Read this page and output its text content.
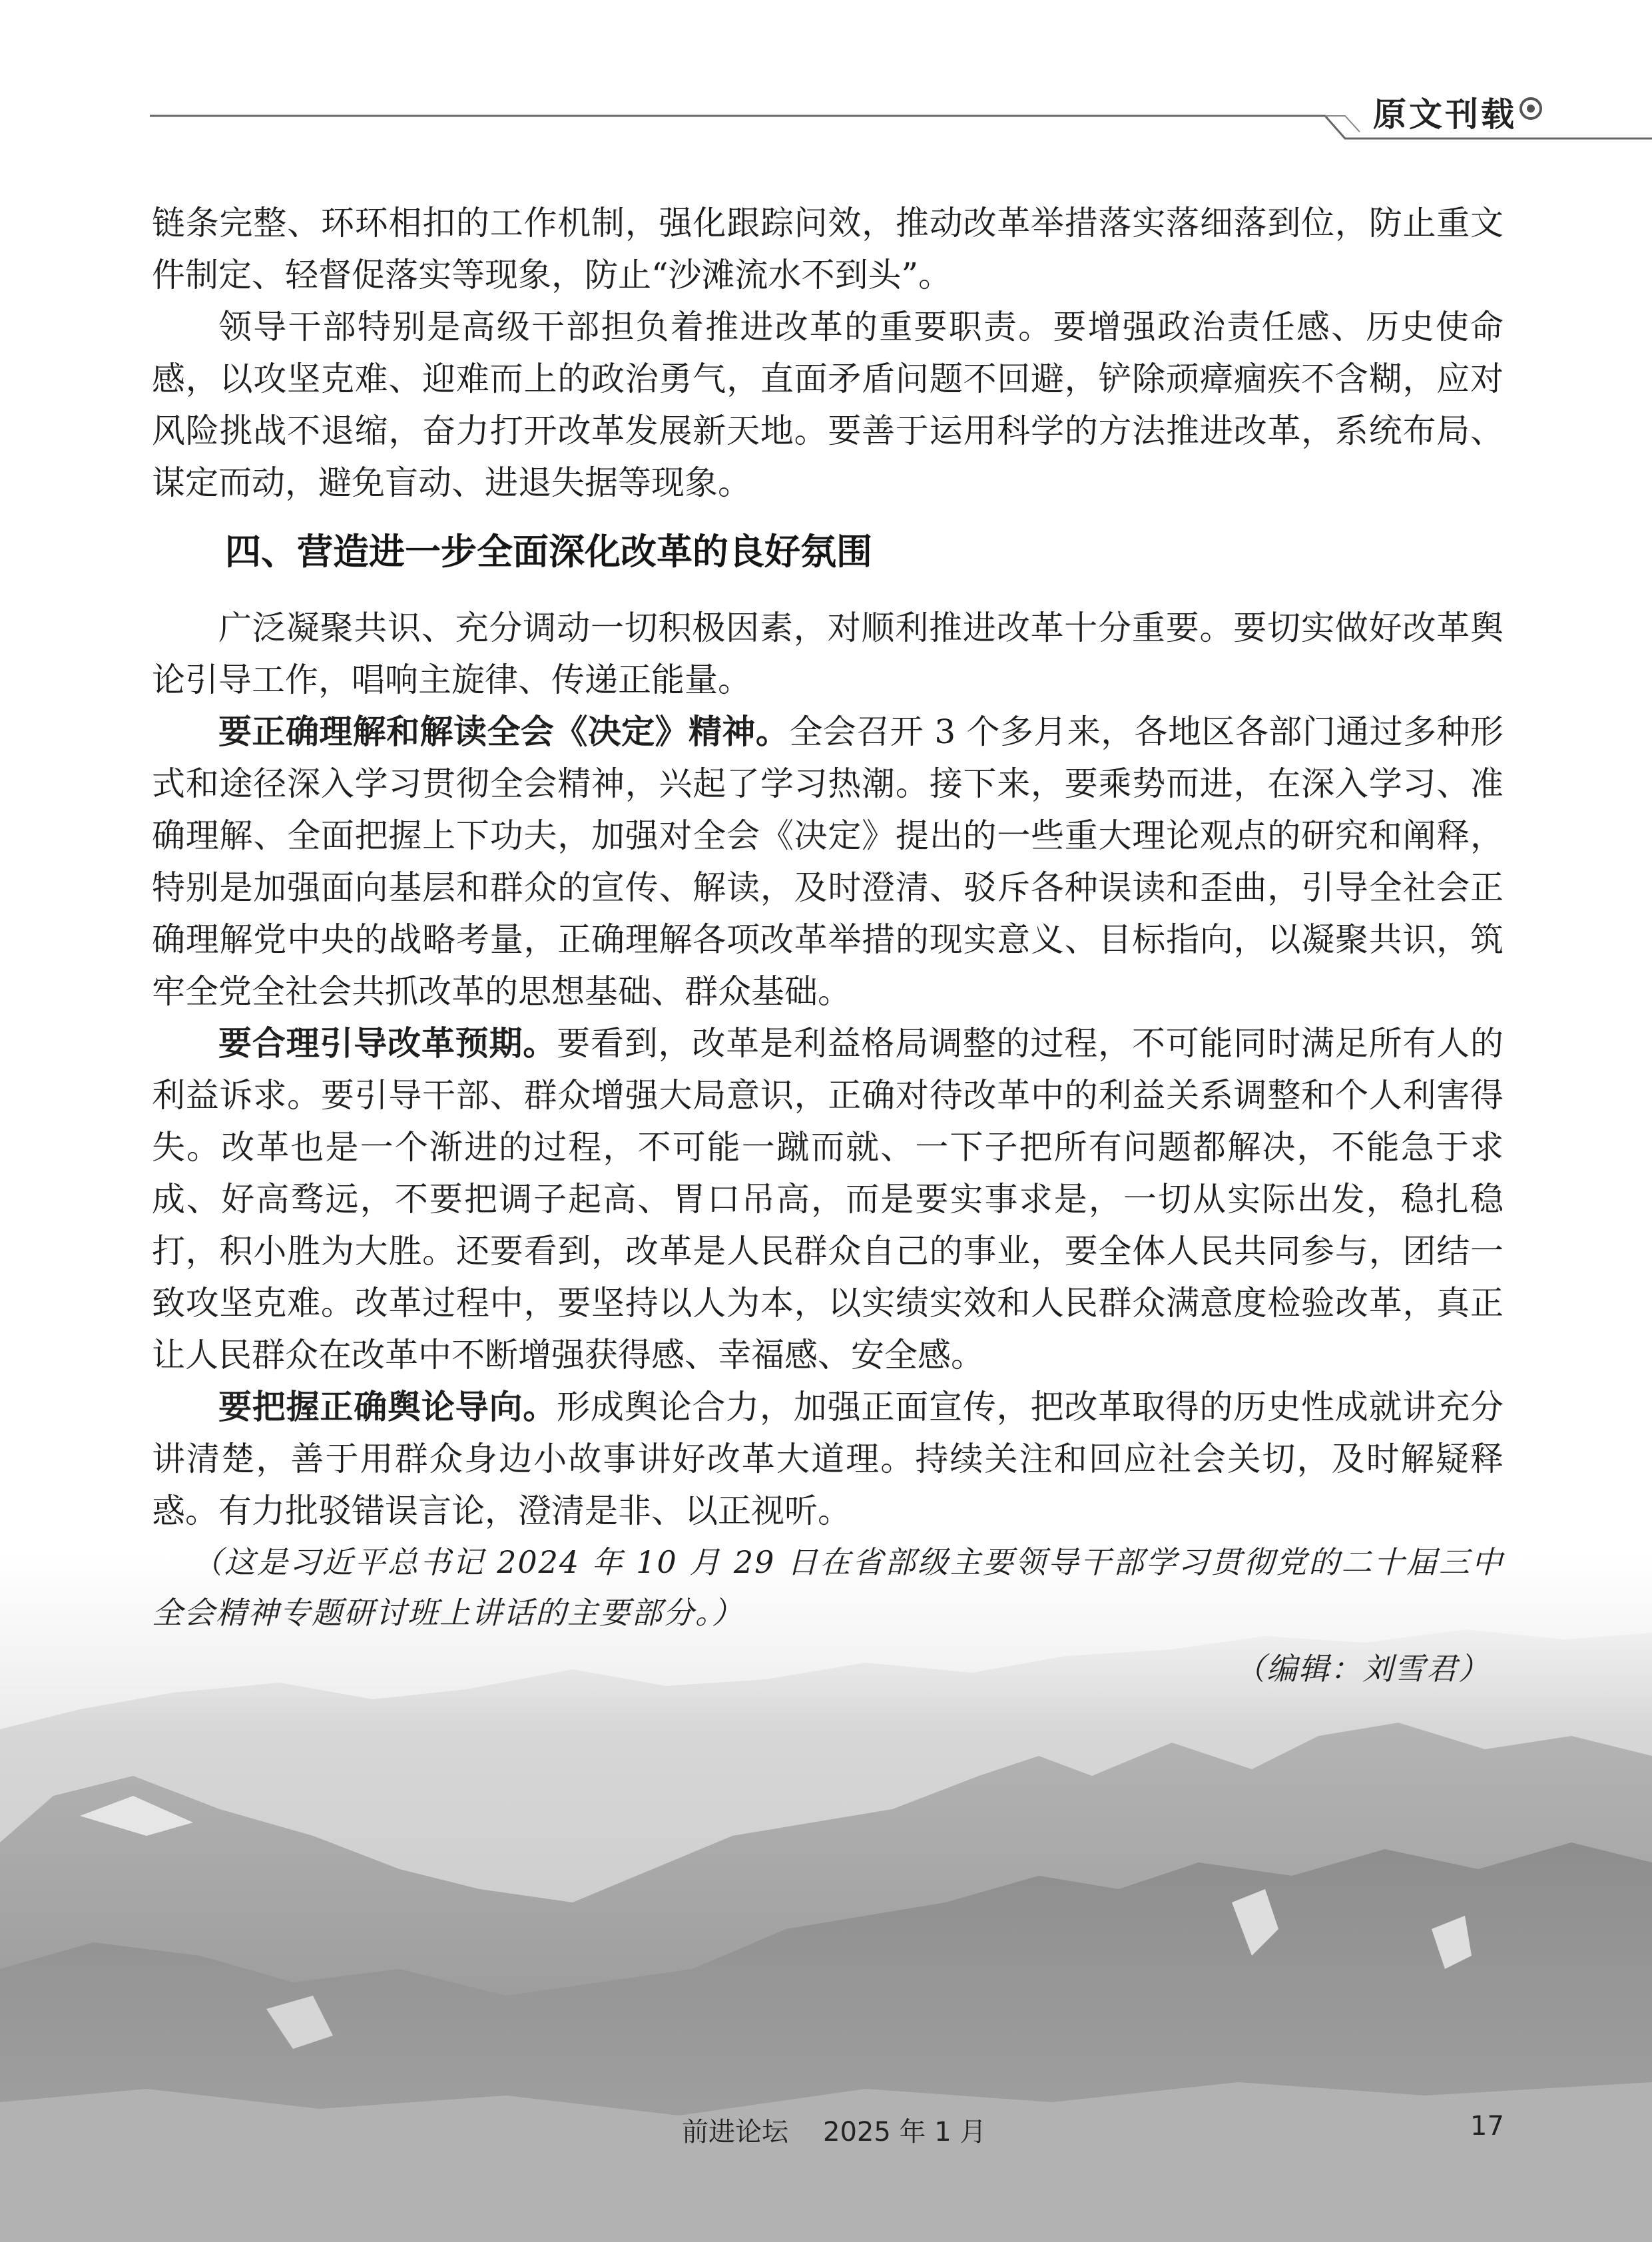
原文刊载

链条完整、环环相扣的工作机制，强化跟踪问效，推动改革举措落实落细落到位，防止重文件制定、轻督促落实等现象，防止“沙滩流水不到头”。

领导干部特别是高级干部担负着推进改革的重要职责。要增强政治责任感、历史使命感，以攻坚克难、迎难而上的政治勇气，直面矛盾问题不回避，铲除顽瘴痼疾不含糊，应对风险挑战不退缩，奋力打开改革发展新天地。要善于运用科学的方法推进改革，系统布局、谋定而动，避免盲动、进退失据等现象。

四、营造进一步全面深化改革的良好氛围

广泛凝聚共识、充分调动一切积极因素，对顺利推进改革十分重要。要切实做好改革舆论引导工作，唱响主旋律、传递正能量。

要正确理解和解读全会《决定》精神。全会召开 3 个多月来，各地区各部门通过多种形式和途径深入学习贯彻全会精神，兴起了学习热潮。接下来，要乘势而进，在深入学习、准确理解、全面把握上下功夫，加强对全会《决定》提出的一些重大理论观点的研究和阐释，特别是加强面向基层和群众的宣传、解读，及时澄清、驳斥各种误读和歪曲，引导全社会正确理解党中央的战略考量，正确理解各项改革举措的现实意义、目标指向，以凝聚共识，筑牢全党全社会共抓改革的思想基础、群众基础。

要合理引导改革预期。要看到，改革是利益格局调整的过程，不可能同时满足所有人的利益诉求。要引导干部、群众增强大局意识，正确对待改革中的利益关系调整和个人利害得失。改革也是一个渐进的过程，不可能一蹴而就、一下子把所有问题都解决，不能急于求成、好高骛远，不要把调子起高、胃口吊高，而是要实事求是，一切从实际出发，稳扎稳打，积小胜为大胜。还要看到，改革是人民群众自己的事业，要全体人民共同参与，团结一致攻坚克难。改革过程中，要坚持以人为本，以实绩实效和人民群众满意度检验改革，真正让人民群众在改革中不断增强获得感、幸福感、安全感。

要把握正确舆论导向。形成舆论合力，加强正面宣传，把改革取得的历史性成就讲充分讲清楚，善于用群众身边小故事讲好改革大道理。持续关注和回应社会关切，及时解疑释惑。有力批驳错误言论，澄清是非、以正视听。

（这是习近平总书记 2024 年 10 月 29 日在省部级主要领导干部学习贯彻党的二十届三中全会精神专题研讨班上讲话的主要部分。）

（编辑：刘雪君）

前进论坛 2025 年 1 月	17
